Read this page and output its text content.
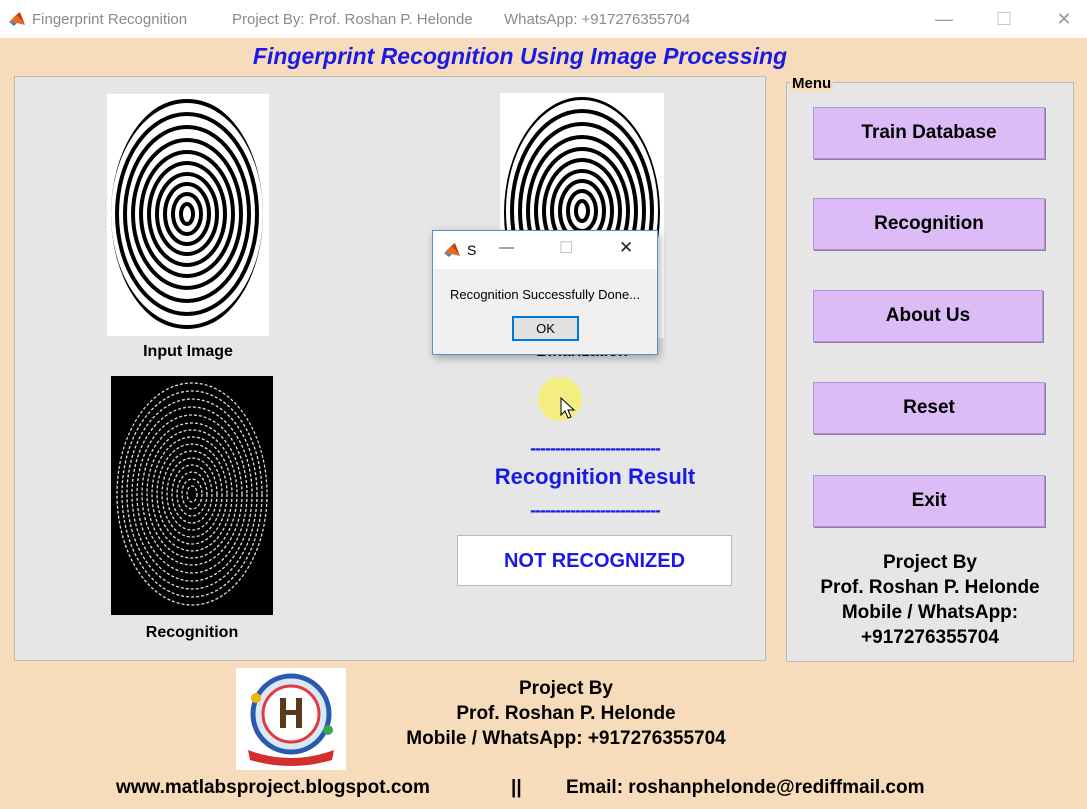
Fingerprint Recognition	Project By: Prof. Roshan P. Helonde WhatsApp: +917276355704	— ☐ ✕
Fingerprint Recognition Using Image Processing
Input Image
Recognition
--------------------------
Recognition Result
--------------------------
NOT RECOGNIZED
Menu
Train Database
Recognition
About Us
Reset
Exit
Project By
Prof. Roshan P. Helonde
Mobile / WhatsApp:
+917276355704
Project By
Prof. Roshan P. Helonde
Mobile / WhatsApp: +917276355704
www.matlabsproject.blogspot.com	|| Email: roshanphelonde@rediffmail.com
S —	☐	✕
Recognition Successfully Done...
OK
